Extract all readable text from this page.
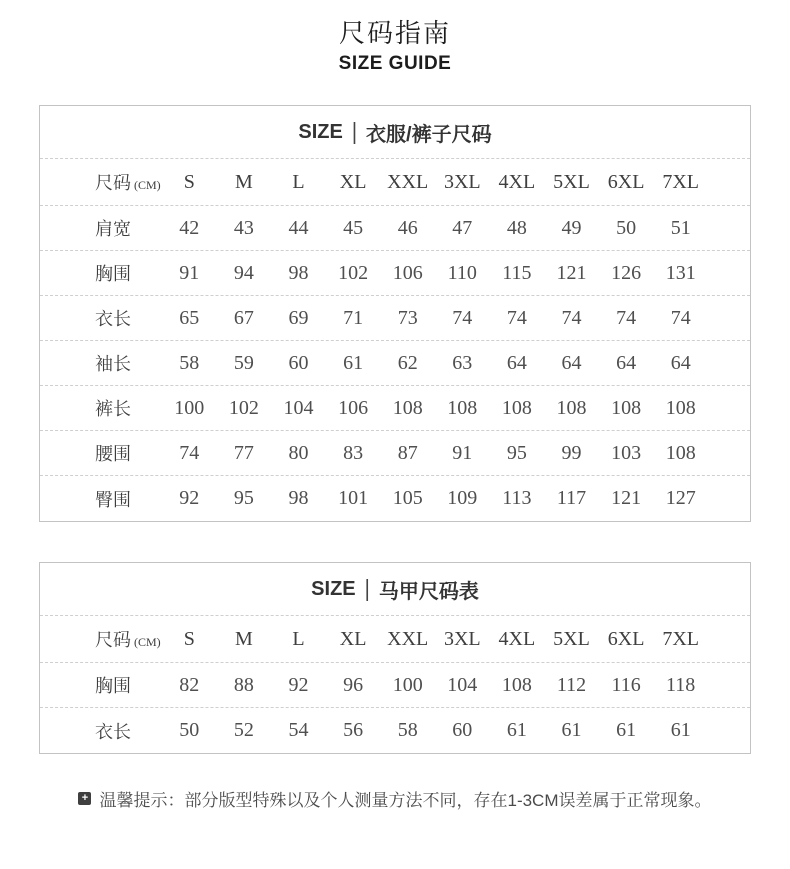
尺码指南
SIZE GUIDE
SIZE | 衣服/裤子尺码
尺码 (CM)	S	M	L	XL	XXL 3XL 4XL 5XL 6XL 7XL
肩宽	42	43	44	45	46	47	48	49	50	51
胸围	91	94	98	102	106	110	115	121	126	131
衣长	65	67	69	71	73	74	74	74	74	74
袖长	58	59	60	61	62	63	64	64	64	64
裤长	100	102	104	106	108	108	108	108	108	108
腰围	74	77	80	83	87	91	95	99	103	108
臀围	92	95	98	101	105	109	113	117	121	127
SIZE | 马甲尺码表
尺码 (CM)	S	M	L	XL	XXL 3XL 4XL 5XL 6XL 7XL
胸围	82	88	92	96	100	104	108	112	116	118
衣长	50	52	54	56	58	60	61	61	61	61
+ 温馨提示：部分版型特殊以及个人测量方法不同，存在1-3CM误差属于正常现象。
